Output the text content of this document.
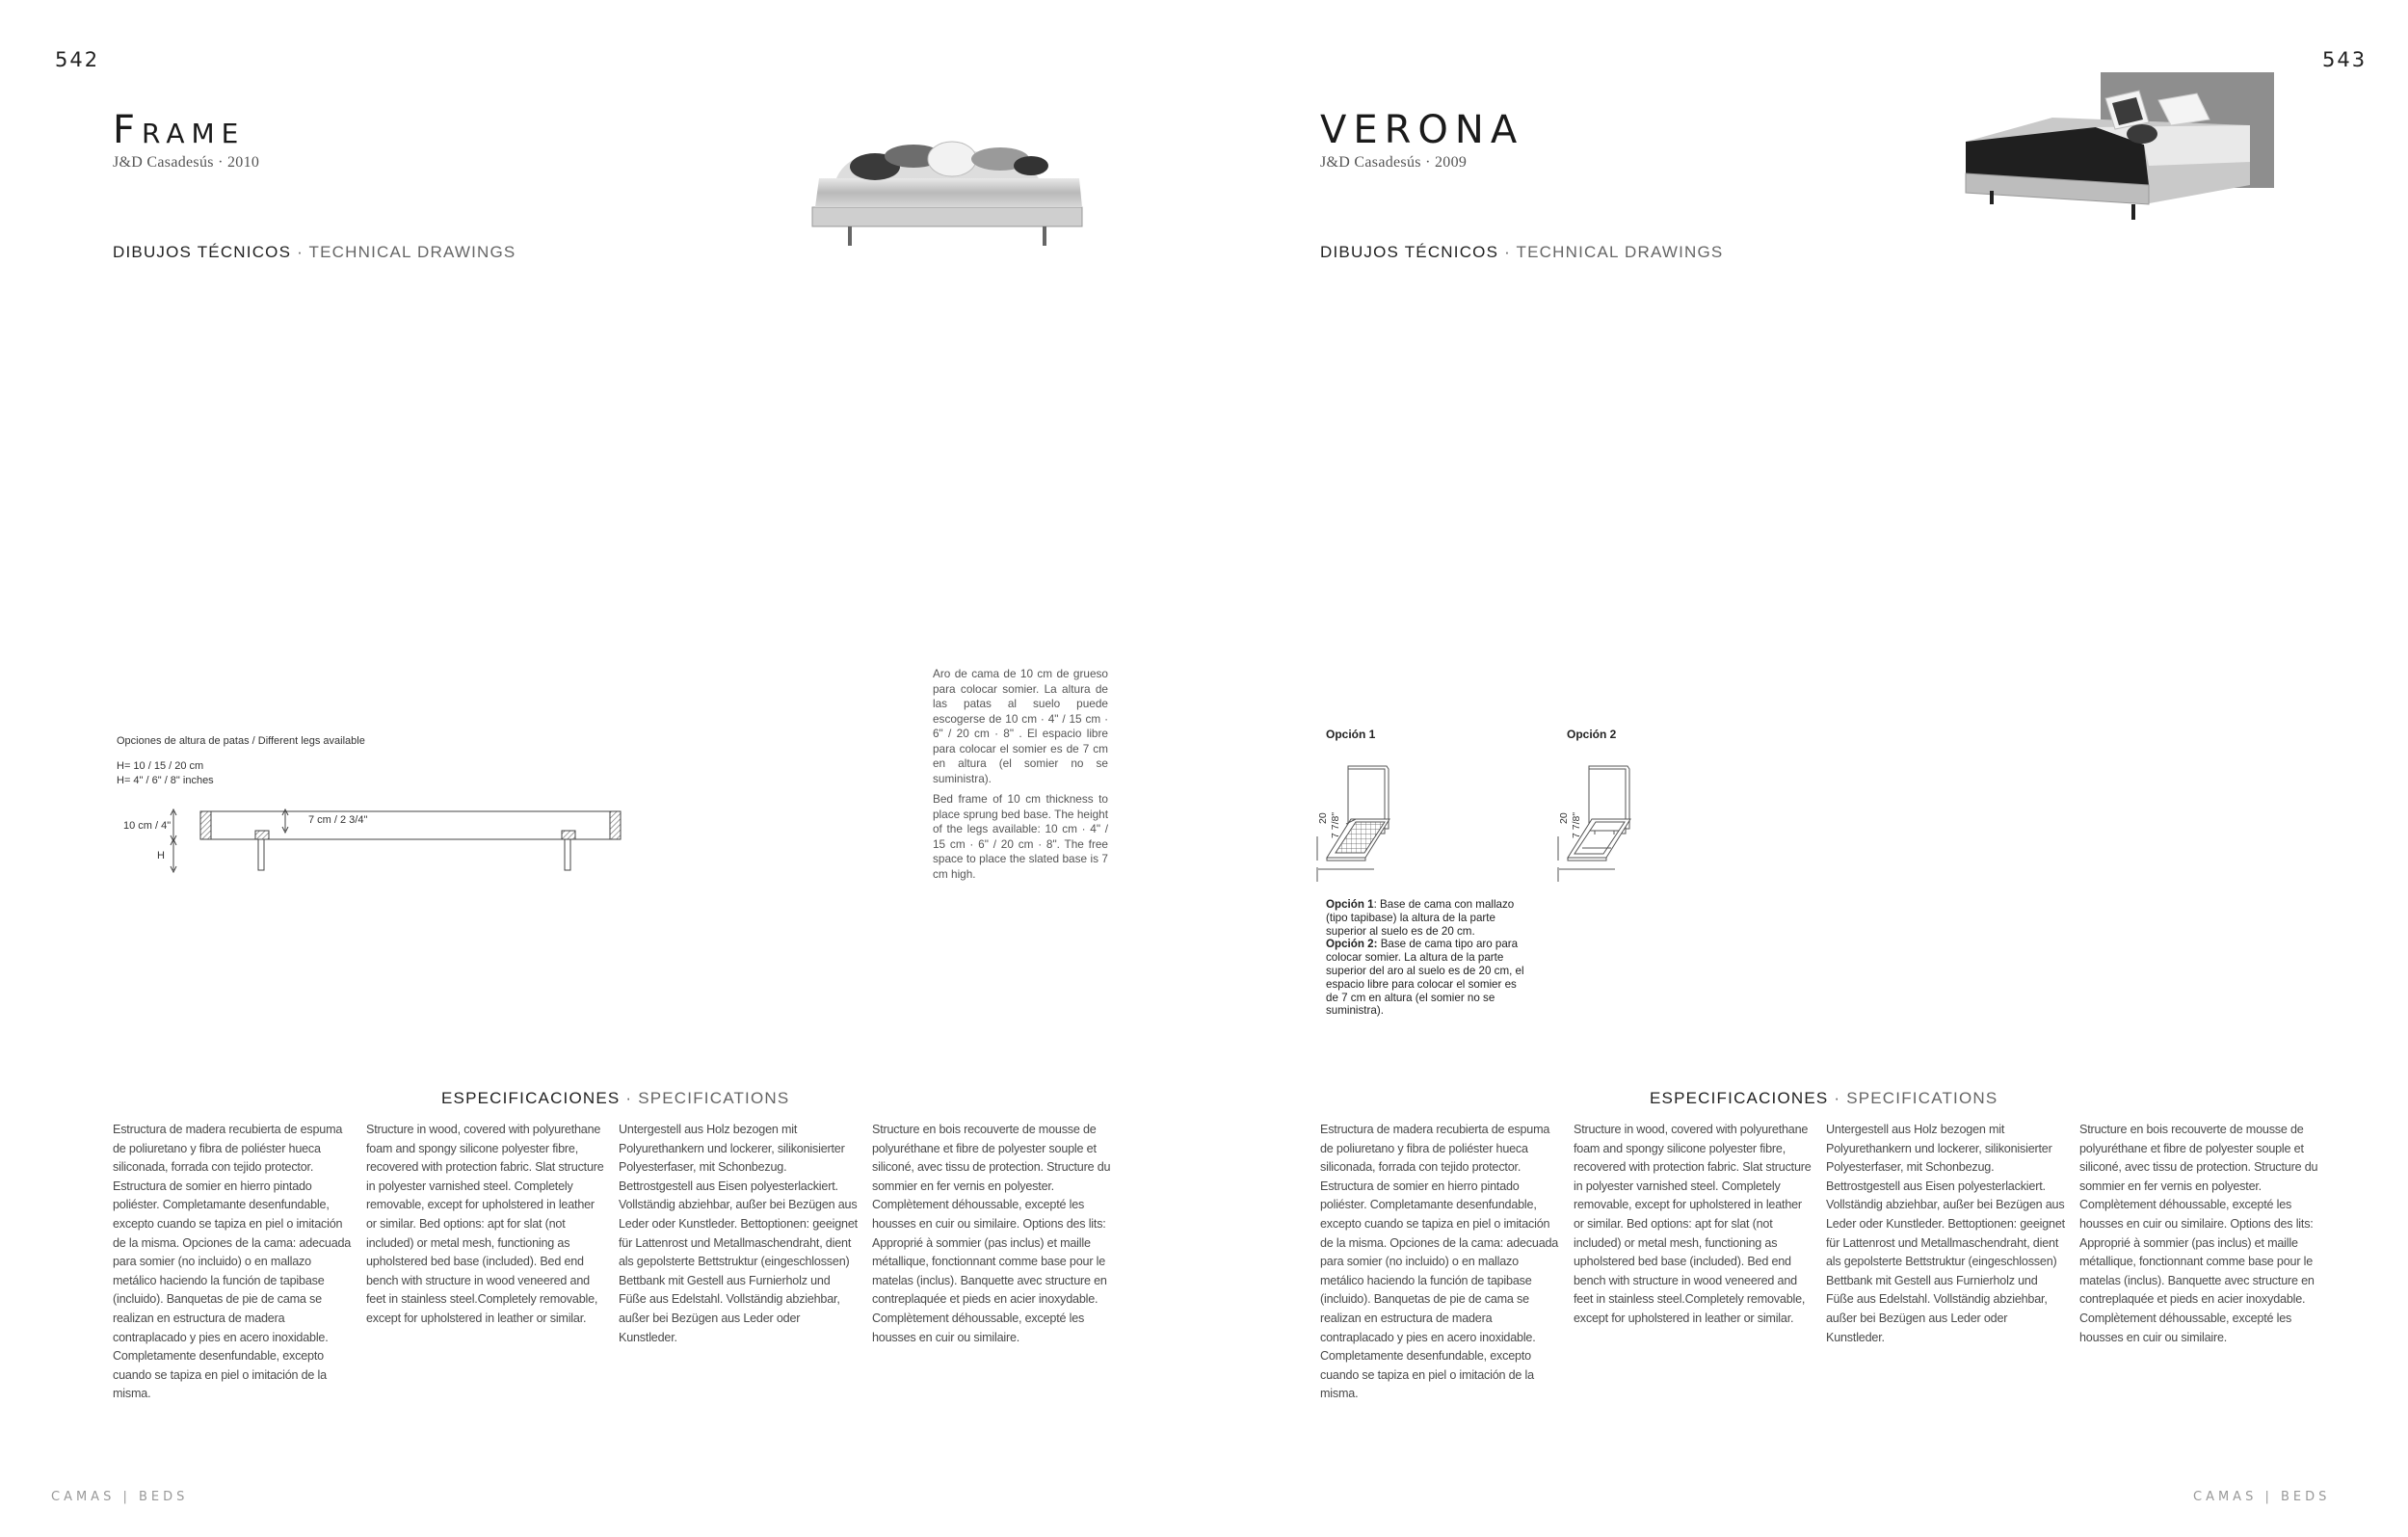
542
Frame
J&D Casadesús · 2010
DIBUJOS TÉCNICOS · TECHNICAL DRAWINGS
Opciones de altura de patas / Different legs available
H= 10 / 15 / 20 cm
H= 4" / 6" / 8" inches
10 cm / 4"
H
7 cm / 2 3/4"
Aro de cama de 10 cm de grueso para colocar somier. La altura de las patas al suelo puede escogerse de 10 cm · 4" / 15 cm · 6" / 20 cm · 8" . El espacio libre para colocar el somier es de 7 cm en altura (el somier no se suministra).
Bed frame of 10 cm thickness to place sprung bed base. The height of the legs available: 10 cm · 4" / 15 cm · 6" / 20 cm · 8". The free space to place the slated base is 7 cm high.
ESPECIFICACIONES · SPECIFICATIONS
Estructura de madera recubierta de espuma de poliuretano y fibra de poliéster hueca siliconada, forrada con tejido protector. Estructura de somier en hierro pintado poliéster. Completamante desenfundable, excepto cuando se tapiza en piel o imitación de la misma. Opciones de la cama: adecuada para somier (no incluido) o en mallazo metálico haciendo la función de tapibase (incluido). Banquetas de pie de cama se realizan en estructura de madera contraplacado y pies en acero inoxidable. Completamente desenfundable, excepto cuando se tapiza en piel o imitación de la misma.
Structure in wood, covered with polyurethane foam and spongy silicone polyester fibre, recovered with protection fabric. Slat structure in polyester varnished steel. Completely removable, except for upholstered in leather or similar. Bed options: apt for slat (not included) or metal mesh, functioning as upholstered bed base (included). Bed end bench with structure in wood veneered and feet in stainless steel.Completely removable, except for upholstered in leather or similar.
Untergestell aus Holz bezogen mit Polyurethankern und lockerer, silikonisierter Polyesterfaser, mit Schonbezug. Bettrostgestell aus Eisen polyesterlackiert. Vollständig abziehbar, außer bei Bezügen aus Leder oder Kunstleder. Bettoptionen: geeignet für Lattenrost und Metallmaschendraht, dient als gepolsterte Bettstruktur (eingeschlossen) Bettbank mit Gestell aus Furnierholz und Füße aus Edelstahl. Vollständig abziehbar, außer bei Bezügen aus Leder oder Kunstleder.
Structure en bois recouverte de mousse de polyuréthane et fibre de polyester souple et siliconé, avec tissu de protection. Structure du sommier en fer vernis en polyester. Complètement déhoussable, excepté les housses en cuir ou similaire. Options des lits: Approprié à sommier (pas inclus) et maille métallique, fonctionnant comme base pour le matelas (inclus). Banquette avec structure en contreplaquée et pieds en acier inoxydable. Complètement déhoussable, excepté les housses en cuir ou similaire.
CAMAS | BEDS
543
VERONA
J&D Casadesús · 2009
DIBUJOS TÉCNICOS · TECHNICAL DRAWINGS
Opción 1	Opción 2
20 7 7/8"	20 7 7/8"
Opción 1: Base de cama con mallazo (tipo tapibase) la altura de la parte superior al suelo es de 20 cm.
Opción 2: Base de cama tipo aro para colocar somier. La altura de la parte superior del aro al suelo es de 20 cm, el espacio libre para colocar el somier es de 7 cm en altura (el somier no se suministra).
ESPECIFICACIONES · SPECIFICATIONS
Estructura de madera recubierta de espuma de poliuretano y fibra de poliéster hueca siliconada, forrada con tejido protector. Estructura de somier en hierro pintado poliéster. Completamante desenfundable, excepto cuando se tapiza en piel o imitación de la misma. Opciones de la cama: adecuada para somier (no incluido) o en mallazo metálico haciendo la función de tapibase (incluido). Banquetas de pie de cama se realizan en estructura de madera contraplacado y pies en acero inoxidable. Completamente desenfundable, excepto cuando se tapiza en piel o imitación de la misma.
Structure in wood, covered with polyurethane foam and spongy silicone polyester fibre, recovered with protection fabric. Slat structure in polyester varnished steel. Completely removable, except for upholstered in leather or similar. Bed options: apt for slat (not included) or metal mesh, functioning as upholstered bed base (included). Bed end bench with structure in wood veneered and feet in stainless steel.Completely removable, except for upholstered in leather or similar.
Untergestell aus Holz bezogen mit Polyurethankern und lockerer, silikonisierter Polyesterfaser, mit Schonbezug. Bettrostgestell aus Eisen polyesterlackiert. Vollständig abziehbar, außer bei Bezügen aus Leder oder Kunstleder. Bettoptionen: geeignet für Lattenrost und Metallmaschendraht, dient als gepolsterte Bettstruktur (eingeschlossen) Bettbank mit Gestell aus Furnierholz und Füße aus Edelstahl. Vollständig abziehbar, außer bei Bezügen aus Leder oder Kunstleder.
Structure en bois recouverte de mousse de polyuréthane et fibre de polyester souple et siliconé, avec tissu de protection. Structure du sommier en fer vernis en polyester. Complètement déhoussable, excepté les housses en cuir ou similaire. Options des lits: Approprié à sommier (pas inclus) et maille métallique, fonctionnant comme base pour le matelas (inclus). Banquette avec structure en contreplaquée et pieds en acier inoxydable. Complètement déhoussable, excepté les housses en cuir ou similaire.
CAMAS | BEDS
